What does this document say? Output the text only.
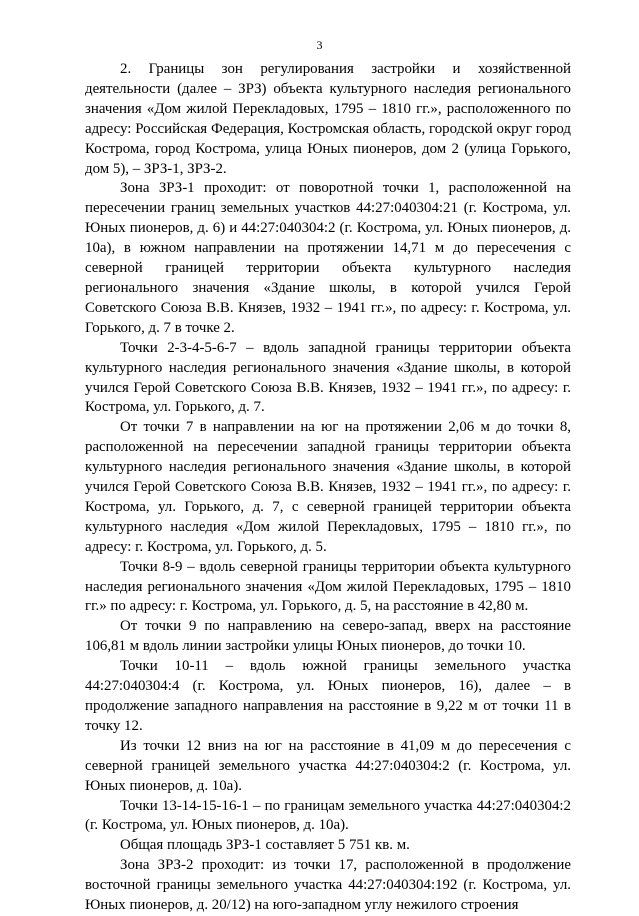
3

2. Границы зон регулирования застройки и хозяйственной деятельности (далее – ЗРЗ) объекта культурного наследия регионального значения «Дом жилой Перекладовых, 1795 – 1810 гг.», расположенного по адресу: Российская Федерация, Костромская область, городской округ город Кострома, город Кострома, улица Юных пионеров, дом 2 (улица Горького, дом 5), – ЗРЗ-1, ЗРЗ-2.

Зона ЗРЗ-1 проходит: от поворотной точки 1, расположенной на пересечении границ земельных участков 44:27:040304:21 (г. Кострома, ул. Юных пионеров, д. 6) и 44:27:040304:2 (г. Кострома, ул. Юных пионеров, д. 10а), в южном направлении на протяжении 14,71 м до пересечения с северной границей территории объекта культурного наследия регионального значения «Здание школы, в которой учился Герой Советского Союза В.В. Князев, 1932 – 1941 гг.», по адресу: г. Кострома, ул. Горького, д. 7 в точке 2.

Точки 2-3-4-5-6-7 – вдоль западной границы территории объекта культурного наследия регионального значения «Здание школы, в которой учился Герой Советского Союза В.В. Князев, 1932 – 1941 гг.», по адресу: г. Кострома, ул. Горького, д. 7.

От точки 7 в направлении на юг на протяжении 2,06 м до точки 8, расположенной на пересечении западной границы территории объекта культурного наследия регионального значения «Здание школы, в которой учился Герой Советского Союза В.В. Князев, 1932 – 1941 гг.», по адресу: г. Кострома, ул. Горького, д. 7, с северной границей территории объекта культурного наследия «Дом жилой Перекладовых, 1795 – 1810 гг.», по адресу: г. Кострома, ул. Горького, д. 5.

Точки 8-9 – вдоль северной границы территории объекта культурного наследия регионального значения «Дом жилой Перекладовых, 1795 – 1810 гг.» по адресу: г. Кострома, ул. Горького, д. 5, на расстояние в 42,80 м.

От точки 9 по направлению на северо-запад, вверх на расстояние 106,81 м вдоль линии застройки улицы Юных пионеров, до точки 10.

Точки 10-11 – вдоль южной границы земельного участка 44:27:040304:4 (г. Кострома, ул. Юных пионеров, 16), далее – в продолжение западного направления на расстояние в 9,22 м от точки 11 в точку 12.

Из точки 12 вниз на юг на расстояние в 41,09 м до пересечения с северной границей земельного участка 44:27:040304:2 (г. Кострома, ул. Юных пионеров, д. 10а).

Точки 13-14-15-16-1 – по границам земельного участка 44:27:040304:2 (г. Кострома, ул. Юных пионеров, д. 10а).

Общая площадь ЗРЗ-1 составляет 5 751 кв. м.

Зона ЗРЗ-2 проходит: из точки 17, расположенной в продолжение восточной границы земельного участка 44:27:040304:192 (г. Кострома, ул. Юных пионеров, д. 20/12) на юго-западном углу нежилого строения
